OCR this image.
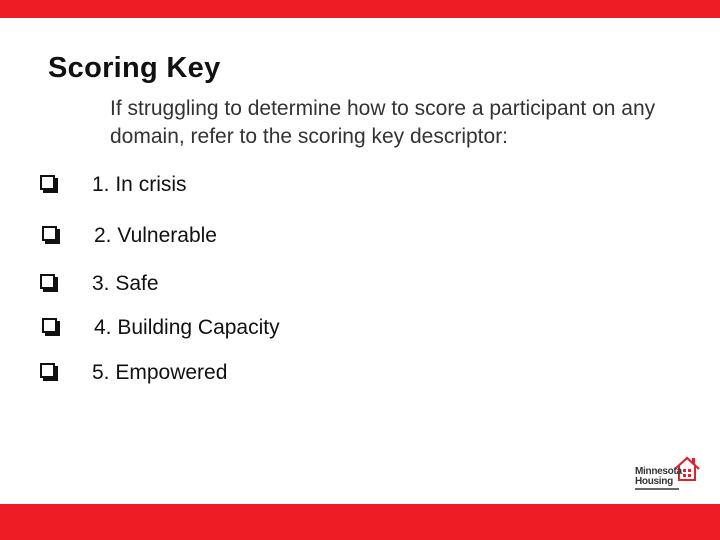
Scoring Key
If struggling to determine how to score a participant on any domain, refer to the scoring key descriptor:
1. In crisis
2. Vulnerable
3. Safe
4. Building Capacity
5. Empowered
Minnesota
Housing
